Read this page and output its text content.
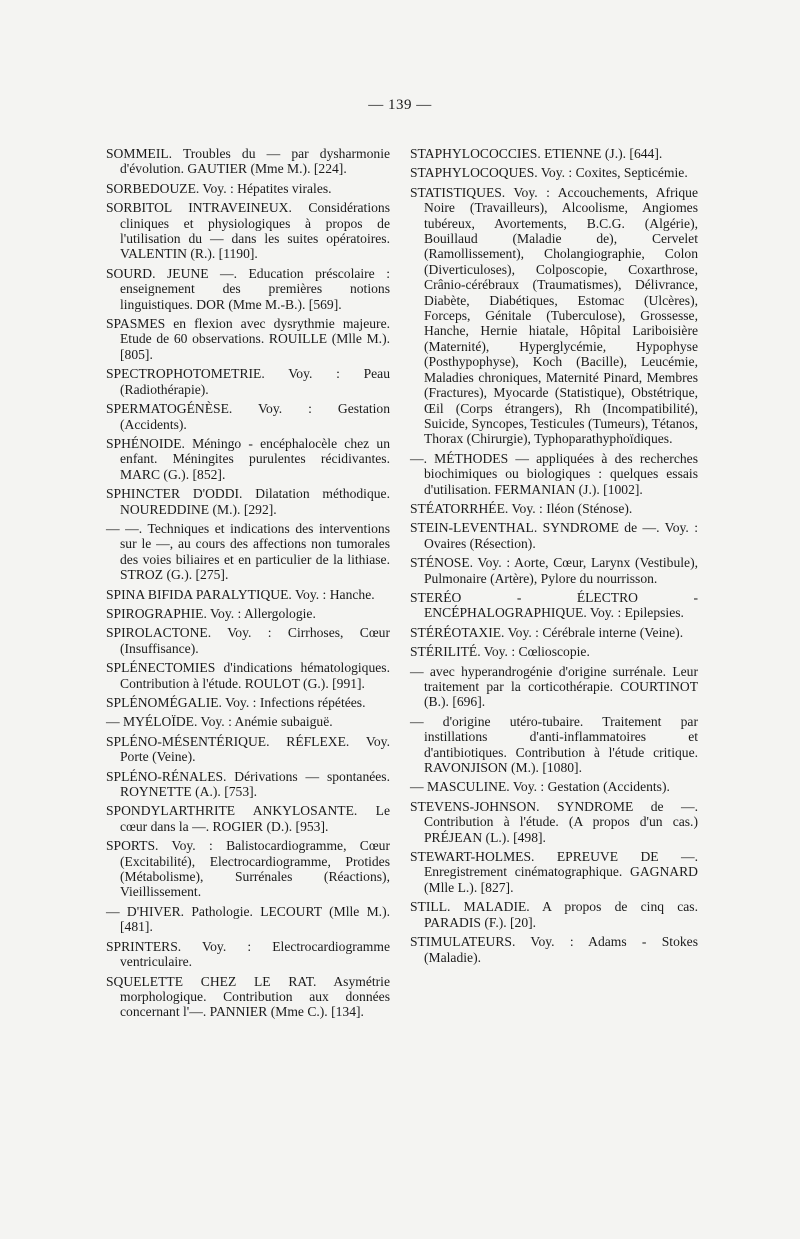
— 139 —

SOMMEIL. Troubles du — par dysharmonie d'évolution. GAUTIER (Mme M.). [224].

SORBEDOUZE. Voy. : Hépatites virales.

SORBITOL INTRAVEINEUX. Considérations cliniques et physiologiques à propos de l'utilisation du — dans les suites opératoires. VALENTIN (R.). [1190].

SOURD. JEUNE —. Education préscolaire : enseignement des premières notions linguistiques. DOR (Mme M.-B.). [569].

SPASMES en flexion avec dysrythmie majeure. Etude de 60 observations. ROUILLE (Mlle M.). [805].

SPECTROPHOTOMETRIE. Voy. : Peau (Radiothérapie).

SPERMATOGÉNÈSE. Voy. : Gestation (Accidents).

SPHÉNOIDE. Méningo - encéphalocèle chez un enfant. Méningites purulentes récidivantes. MARC (G.). [852].

SPHINCTER D'ODDI. Dilatation méthodique. NOUREDDINE (M.). [292].

— —. Techniques et indications des interventions sur le —, au cours des affections non tumorales des voies biliaires et en particulier de la lithiase. STROZ (G.). [275].

SPINA BIFIDA PARALYTIQUE. Voy. : Hanche.

SPIROGRAPHIE. Voy. : Allergologie.

SPIROLACTONE. Voy. : Cirrhoses, Cœur (Insuffisance).

SPLÉNECTOMIES d'indications hématologiques. Contribution à l'étude. ROULOT (G.). [991].

SPLÉNOMÉGALIE. Voy. : Infections répétées.

— MYÉLOÏDE. Voy. : Anémie subaiguë.

SPLÉNO-MÉSENTÉRIQUE. RÉFLEXE. Voy. Porte (Veine).

SPLÉNO-RÉNALES. Dérivations — spontanées. ROYNETTE (A.). [753].

SPONDYLARTHRITE ANKYLOSANTE. Le cœur dans la —. ROGIER (D.). [953].

SPORTS. Voy. : Balistocardiogramme, Cœur (Excitabilité), Electrocardiogramme, Protides (Métabolisme), Surrénales (Réactions), Vieillissement.

— D'HIVER. Pathologie. LECOURT (Mlle M.). [481].

SPRINTERS. Voy. : Electrocardiogramme ventriculaire.

SQUELETTE CHEZ LE RAT. Asymétrie morphologique. Contribution aux données concernant l'—. PANNIER (Mme C.). [134].

STAPHYLOCOCCIES. ETIENNE (J.). [644].

STAPHYLOCOQUES. Voy. : Coxites, Septicémie.

STATISTIQUES. Voy. : Accouchements, Afrique Noire (Travailleurs), Alcoolisme, Angiomes tubéreux, Avortements, B.C.G. (Algérie), Bouillaud (Maladie de), Cervelet (Ramollissement), Cholangiographie, Colon (Diverticuloses), Colposcopie, Coxarthrose, Crânio-cérébraux (Traumatismes), Délivrance, Diabète, Diabétiques, Estomac (Ulcères), Forceps, Génitale (Tuberculose), Grossesse, Hanche, Hernie hiatale, Hôpital Lariboisière (Maternité), Hyperglycémie, Hypophyse (Posthypophyse), Koch (Bacille), Leucémie, Maladies chroniques, Maternité Pinard, Membres (Fractures), Myocarde (Statistique), Obstétrique, Œil (Corps étrangers), Rh (Incompatibilité), Suicide, Syncopes, Testicules (Tumeurs), Tétanos, Thorax (Chirurgie), Typhoparathyphoïdiques.

—. MÉTHODES — appliquées à des recherches biochimiques ou biologiques : quelques essais d'utilisation. FERMANIAN (J.). [1002].

STÉATORRHÉE. Voy. : Iléon (Sténose).

STEIN-LEVENTHAL. SYNDROME de —. Voy. : Ovaires (Résection).

STÉNOSE. Voy. : Aorte, Cœur, Larynx (Vestibule), Pulmonaire (Artère), Pylore du nourrisson.

STERÉO - ÉLECTRO - ENCÉPHALOGRAPHIQUE. Voy. : Epilepsies.

STÉRÉOTAXIE. Voy. : Cérébrale interne (Veine).

STÉRILITÉ. Voy. : Cœlioscopie.

— avec hyperandrogénie d'origine surrénale. Leur traitement par la corticothérapie. COURTINOT (B.). [696].

— d'origine utéro-tubaire. Traitement par instillations d'anti-inflammatoires et d'antibiotiques. Contribution à l'étude critique. RAVONJISON (M.). [1080].

— MASCULINE. Voy. : Gestation (Accidents).

STEVENS-JOHNSON. SYNDROME de —. Contribution à l'étude. (A propos d'un cas.) PRÉJEAN (L.). [498].

STEWART-HOLMES. EPREUVE DE —. Enregistrement cinématographique. GAGNARD (Mlle L.). [827].

STILL. MALADIE. A propos de cinq cas. PARADIS (F.). [20].

STIMULATEURS. Voy. : Adams - Stokes (Maladie).
